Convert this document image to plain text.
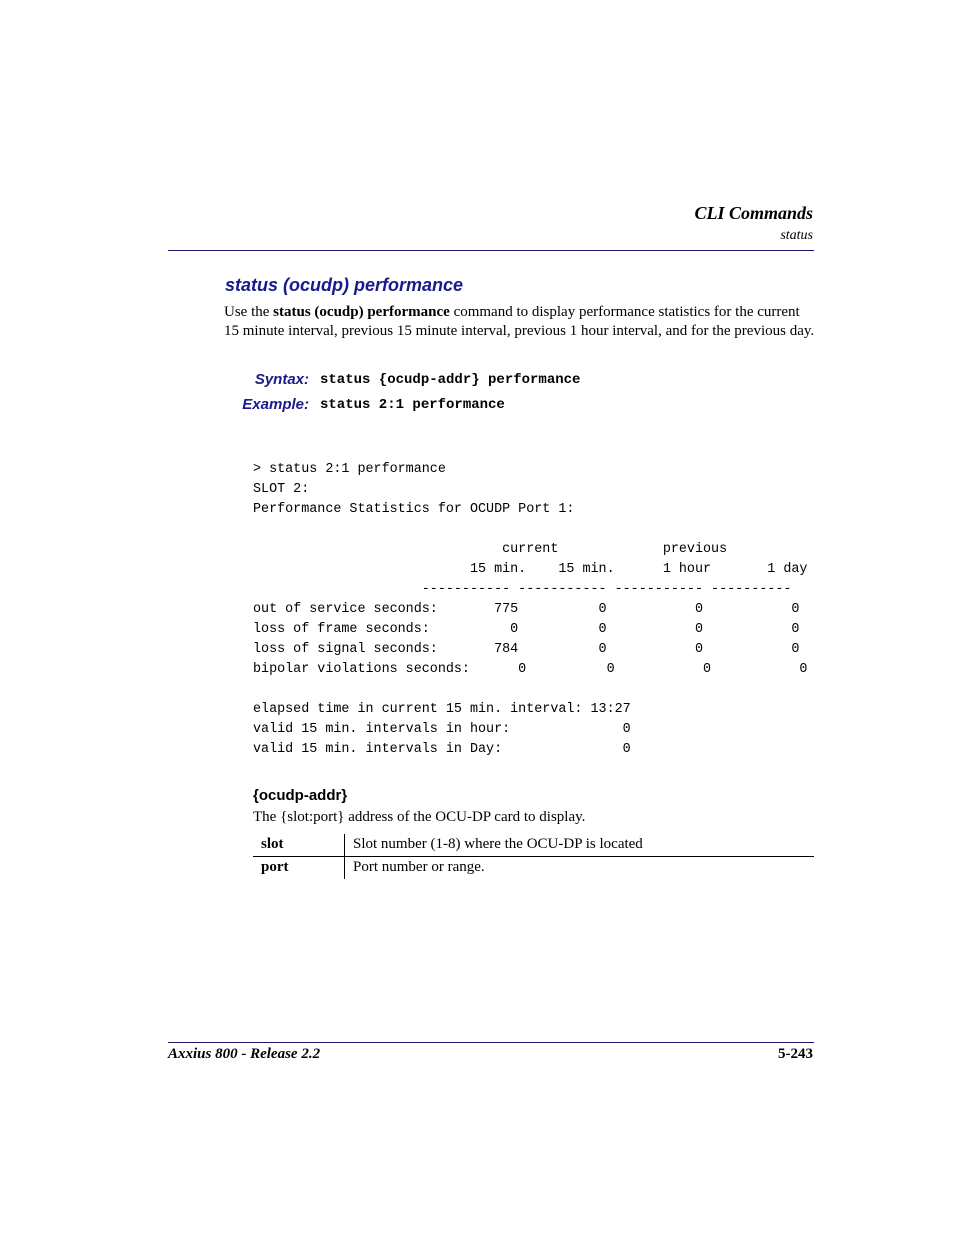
CLI Commands
status
status (ocudp) performance
Use the status (ocudp) performance command to display performance statistics for the current 15 minute interval, previous 15 minute interval, previous 1 hour interval, and for the previous day.
Syntax: status {ocudp-addr} performance
Example: status 2:1 performance

> status 2:1 performance
SLOT 2:
Performance Statistics for OCUDP Port 1:

current             previous
15 min.    15 min.      1 hour       1 day
----------- ----------- ----------- ----------
out of service seconds:       775          0           0           0
loss of frame seconds:          0          0           0           0
loss of signal seconds:       784          0           0           0
bipolar violations seconds:      0          0           0           0

elapsed time in current 15 min. interval: 13:27
valid 15 min. intervals in hour:              0
valid 15 min. intervals in Day:               0

{ocudp-addr}
The {slot:port} address of the OCU-DP card to display.
slot	Slot number (1-8) where the OCU-DP is located
port	Port number or range.
Axxius 800 - Release 2.2	5-243
